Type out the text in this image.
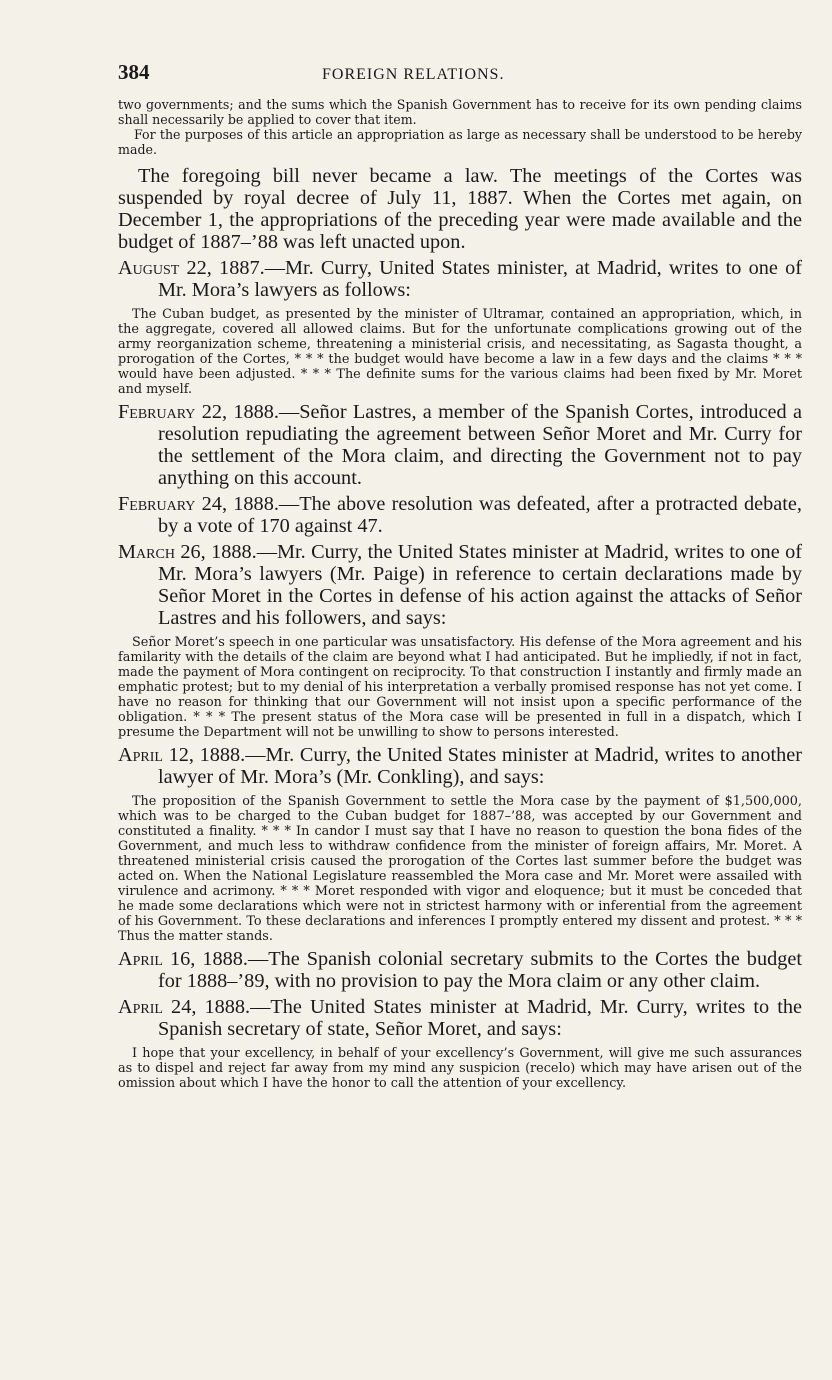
384	FOREIGN RELATIONS.

two governments; and the sums which the Spanish Government has to receive for its own pending claims shall necessarily be applied to cover that item.

For the purposes of this article an appropriation as large as necessary shall be understood to be hereby made.

The foregoing bill never became a law. The meetings of the Cortes was suspended by royal decree of July 11, 1887. When the Cortes met again, on December 1, the appropriations of the preceding year were made available and the budget of 1887–’88 was left unacted upon.

August 22, 1887.—Mr. Curry, United States minister, at Madrid, writes to one of Mr. Mora’s lawyers as follows:

The Cuban budget, as presented by the minister of Ultramar, contained an appropriation, which, in the aggregate, covered all allowed claims. But for the unfortunate complications growing out of the army reorganization scheme, threatening a ministerial crisis, and necessitating, as Sagasta thought, a prorogation of the Cortes, * * * the budget would have become a law in a few days and the claims * * * would have been adjusted. * * * The definite sums for the various claims had been fixed by Mr. Moret and myself.

February 22, 1888.—Señor Lastres, a member of the Spanish Cortes, introduced a resolution repudiating the agreement between Señor Moret and Mr. Curry for the settlement of the Mora claim, and directing the Government not to pay anything on this account.

February 24, 1888.—The above resolution was defeated, after a protracted debate, by a vote of 170 against 47.

March 26, 1888.—Mr. Curry, the United States minister at Madrid, writes to one of Mr. Mora’s lawyers (Mr. Paige) in reference to certain declarations made by Señor Moret in the Cortes in defense of his action against the attacks of Señor Lastres and his followers, and says:

Señor Moret’s speech in one particular was unsatisfactory. His defense of the Mora agreement and his familarity with the details of the claim are beyond what I had anticipated. But he impliedly, if not in fact, made the payment of Mora contingent on reciprocity. To that construction I instantly and firmly made an emphatic protest; but to my denial of his interpretation a verbally promised response has not yet come. I have no reason for thinking that our Government will not insist upon a specific performance of the obligation. * * * The present status of the Mora case will be presented in full in a dispatch, which I presume the Department will not be unwilling to show to persons interested.

April 12, 1888.—Mr. Curry, the United States minister at Madrid, writes to another lawyer of Mr. Mora’s (Mr. Conkling), and says:

The proposition of the Spanish Government to settle the Mora case by the payment of $1,500,000, which was to be charged to the Cuban budget for 1887–’88, was accepted by our Government and constituted a finality. * * * In candor I must say that I have no reason to question the bona fides of the Government, and much less to withdraw confidence from the minister of foreign affairs, Mr. Moret. A threatened ministerial crisis caused the prorogation of the Cortes last summer before the budget was acted on. When the National Legislature reassembled the Mora case and Mr. Moret were assailed with virulence and acrimony. * * * Moret responded with vigor and eloquence; but it must be conceded that he made some declarations which were not in strictest harmony with or inferential from the agreement of his Government. To these declarations and inferences I promptly entered my dissent and protest. * * * Thus the matter stands.

April 16, 1888.—The Spanish colonial secretary submits to the Cortes the budget for 1888–’89, with no provision to pay the Mora claim or any other claim.

April 24, 1888.—The United States minister at Madrid, Mr. Curry, writes to the Spanish secretary of state, Señor Moret, and says:

I hope that your excellency, in behalf of your excellency’s Government, will give me such assurances as to dispel and reject far away from my mind any suspicion (recelo) which may have arisen out of the omission about which I have the honor to call the attention of your excellency.
